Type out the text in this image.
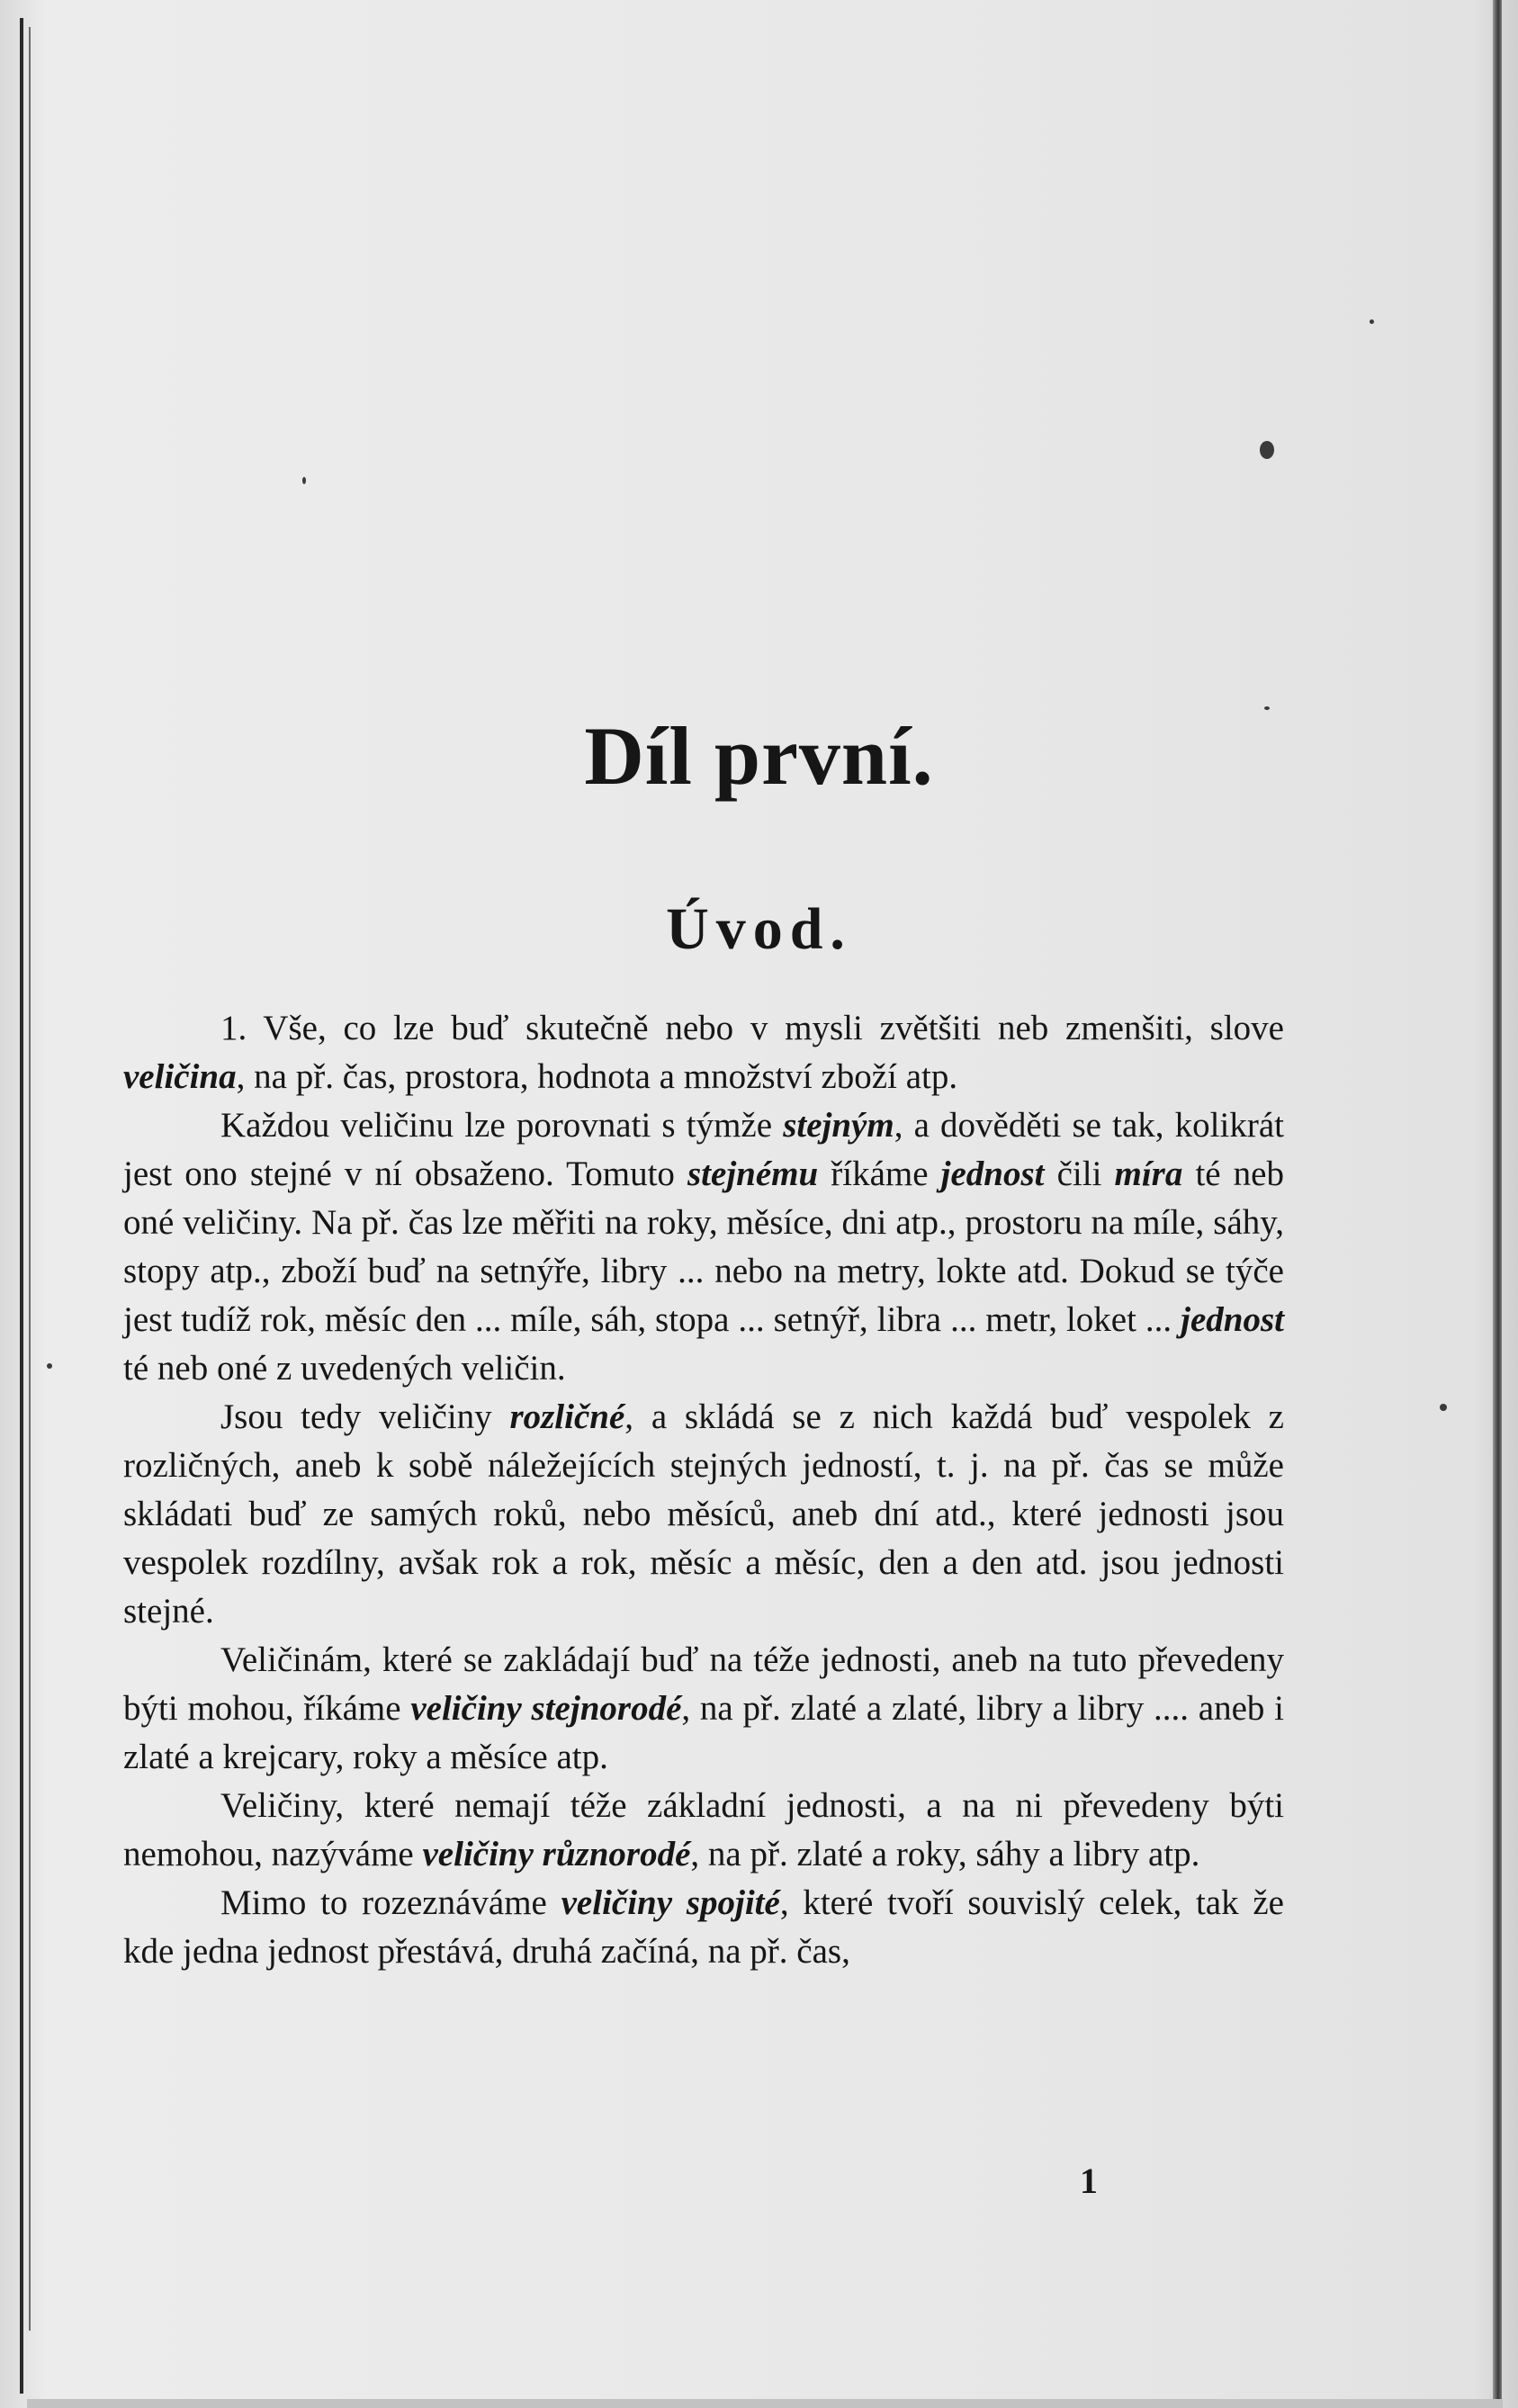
Díl první.
Úvod.

1. Vše, co lze buď skutečně nebo v mysli zvětšiti neb zmenšiti, slove veličina, na př. čas, prostora, hodnota a množství zboží atp.

Každou veličinu lze porovnati s týmže stejným, a dověděti se tak, kolikrát jest ono stejné v ní obsaženo. Tomuto stejnému říkáme jednost čili míra té neb oné veličiny. Na př. čas lze měřiti na roky, měsíce, dni atp., prostoru na míle, sáhy, stopy atp., zboží buď na setnýře, libry ... nebo na metry, lokte atd. Dokud se týče jest tudíž rok, měsíc den ... míle, sáh, stopa ... setnýř, libra ... metr, loket ... jednost té neb oné z uvedených veličin.

Jsou tedy veličiny rozličné, a skládá se z nich každá buď vespolek z rozličných, aneb k sobě náležejících stejných jedností, t. j. na př. čas se může skládati buď ze samých roků, nebo měsíců, aneb dní atd., které jednosti jsou vespolek rozdílny, avšak rok a rok, měsíc a měsíc, den a den atd. jsou jednosti stejné.

Veličinám, které se zakládají buď na téže jednosti, aneb na tuto převedeny býti mohou, říkáme veličiny stejnorodé, na př. zlaté a zlaté, libry a libry .... aneb i zlaté a krejcary, roky a měsíce atp.

Veličiny, které nemají téže základní jednosti, a na ni převedeny býti nemohou, nazýváme veličiny různorodé, na př. zlaté a roky, sáhy a libry atp.

Mimo to rozeznáváme veličiny spojité, které tvoří souvislý celek, tak že kde jedna jednost přestává, druhá začíná, na př. čas,

1
